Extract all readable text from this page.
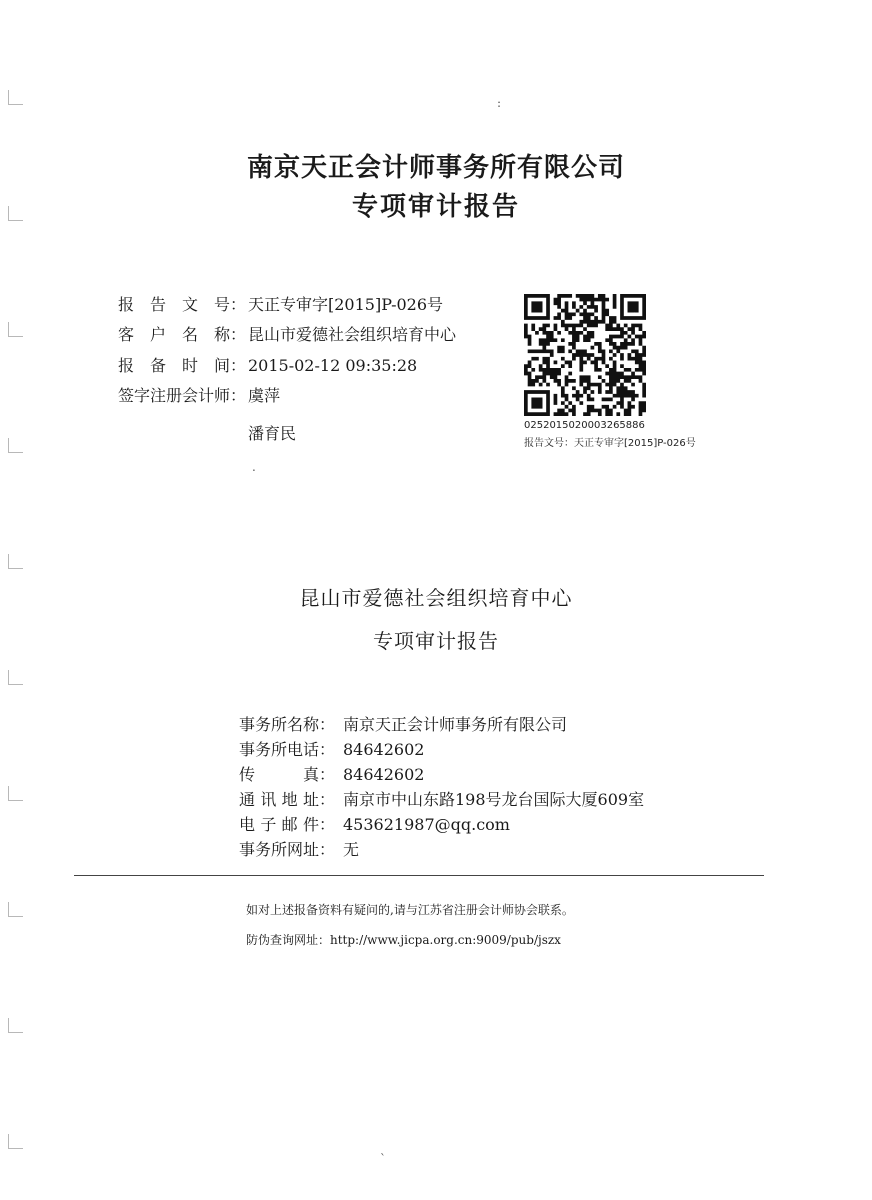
:
南京天正会计师事务所有限公司
专项审计报告
报 告 文 号： 天正专审字[2015]P-026号
客 户 名 称： 昆山市爱德社会组织培育中心
报 备 时 间： 2015-02-12 09:35:28
签字注册会计师： 虞萍
潘育民	0252015020003265886
报告文号：天正专审字[2015]P-026号
.
昆山市爱德社会组织培育中心
专项审计报告
事务所名称： 南京天正会计师事务所有限公司
事务所电话： 84642602
传	真： 84642602
通 讯 地 址： 南京市中山东路198号龙台国际大厦609室
电 子 邮 件： 453621987@qq.com
事务所网址： 无
如对上述报备资料有疑问的,请与江苏省注册会计师协会联系。
防伪查询网址：http://www.jicpa.org.cn:9009/pub/jszx
`
